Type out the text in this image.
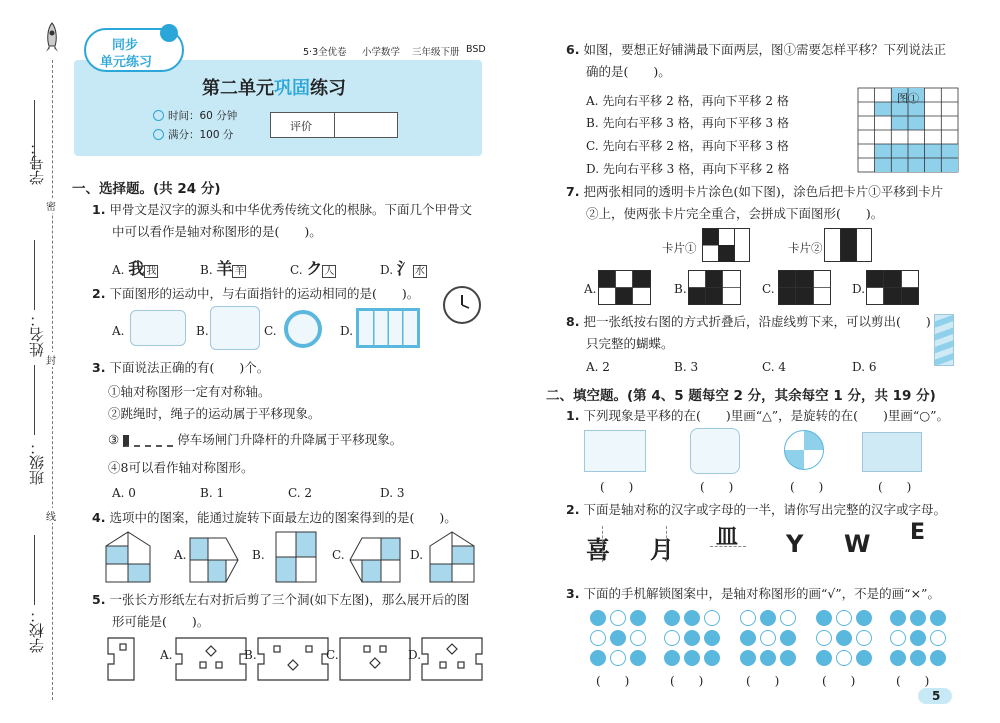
学号：
姓名：
班级：
学校：
密
封
线
同步
单元练习
5·3全优卷 小学数学 三年级下册 BSD
第二单元巩固练习
时间：60 分钟
满分：100 分
评价
一、选择题。(共 24 分)
1. 甲骨文是汉字的源头和中华优秀传统文化的根脉。下面几个甲骨文
中可以看作是轴对称图形的是(　　)。
A. 我 我	B. 羊 羊	C. ク 人	D. 氵 水
2. 下面图形的运动中，与右面指针的运动相同的是(　　)。
A.	B.	C.	D.
3. 下面说法正确的有(　　)个。
①轴对称图形一定有对称轴。
②跳绳时，绳子的运动属于平移现象。
③	停车场闸门升降杆的升降属于平移现象。
④8可以看作轴对称图形。
A. 0	B. 1	C. 2	D. 3
4. 选项中的图案，能通过旋转下面最左边的图案得到的是(　　)。
A.	B.	C.	D.
5. 一张长方形纸左右对折后剪了三个洞(如下左图)，那么展开后的图
形可能是(　　)。
A.	B.	C.	D.
6. 如图，要想正好铺满最下面两层，图①需要怎样平移？下列说法正
确的是(　　)。
A. 先向右平移 2 格，再向下平移 2 格
B. 先向右平移 3 格，再向下平移 3 格
C. 先向右平移 2 格，再向下平移 3 格
D. 先向右平移 3 格，再向下平移 2 格
图①
7. 把两张相同的透明卡片涂色(如下图)，涂色后把卡片①平移到卡片
②上，使两张卡片完全重合，会拼成下面图形(　　)。
卡片①	卡片②
A.	B.	C.	D.
8. 把一张纸按右图的方式折叠后，沿虚线剪下来，可以剪出(　　)
只完整的蝴蝶。
A. 2	B. 3	C. 4	D. 6
二、填空题。(第 4、5 题每空 2 分，其余每空 1 分，共 19 分)
1. 下列现象是平移的在(　　)里画“△”，是旋转的在(　　)里画“○”。
(　　)	(　　)	(　　)	(　　)
2. 下面是轴对称的汉字或字母的一半，请你写出完整的汉字或字母。
喜 月 皿 Y W E
3. 下面的手机解锁图案中，是轴对称图形的画“√”，不是的画“×”。
(　　)	(　　)	(　　)	(　　)	(　　)
5
